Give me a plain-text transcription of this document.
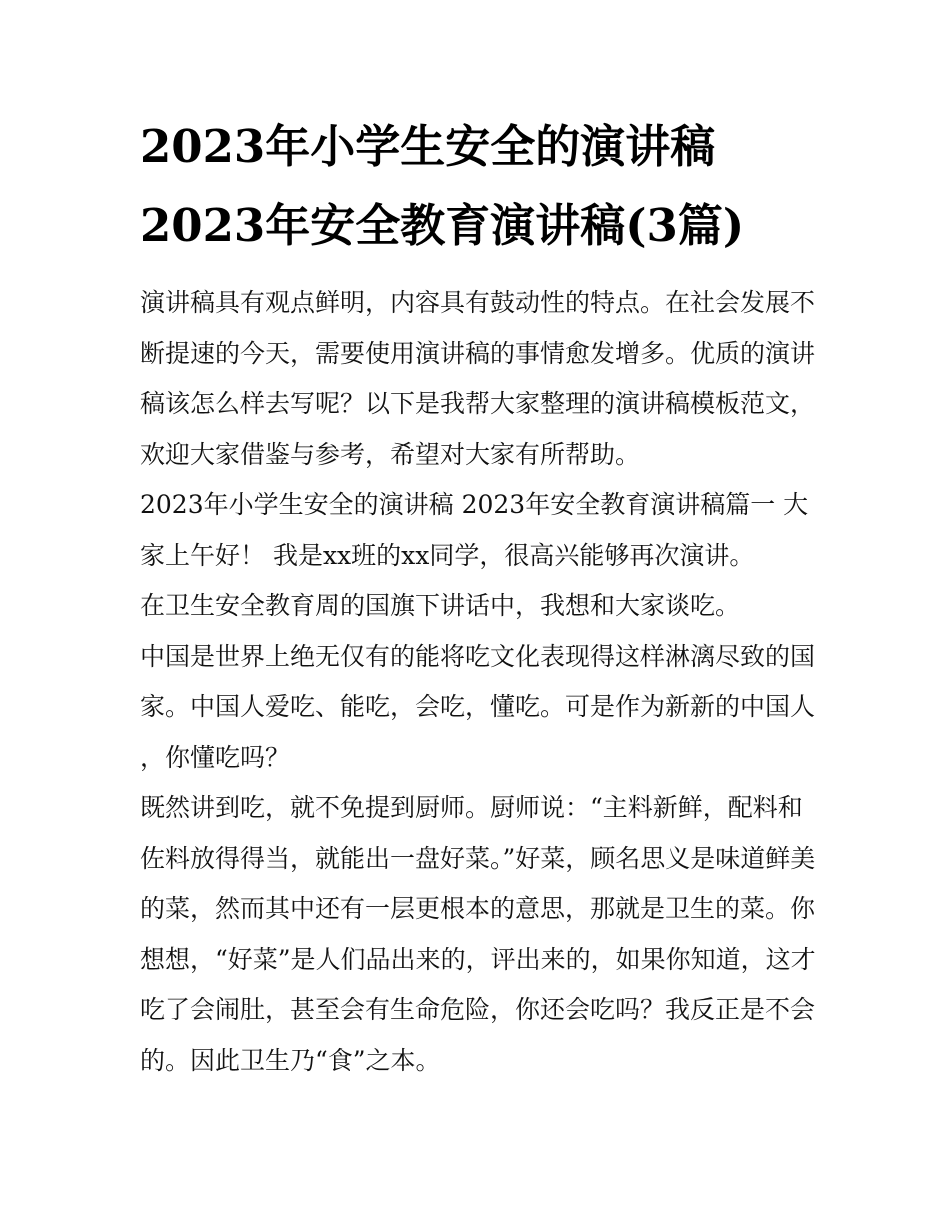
2023年小学生安全的演讲稿
2023年安全教育演讲稿(3篇)

演讲稿具有观点鲜明，内容具有鼓动性的特点。在社会发展不断提速的今天，需要使用演讲稿的事情愈发增多。优质的演讲稿该怎么样去写呢？以下是我帮大家整理的演讲稿模板范文，欢迎大家借鉴与参考，希望对大家有所帮助。

2023年小学生安全的演讲稿 2023年安全教育演讲稿篇一 大家上午好！ 我是xx班的xx同学，很高兴能够再次演讲。

在卫生安全教育周的国旗下讲话中，我想和大家谈吃。

中国是世界上绝无仅有的能将吃文化表现得这样淋漓尽致的国家。中国人爱吃、能吃，会吃，懂吃。可是作为新新的中国人，你懂吃吗？

既然讲到吃，就不免提到厨师。厨师说：“主料新鲜，配料和佐料放得得当，就能出一盘好菜。”好菜，顾名思义是味道鲜美的菜，然而其中还有一层更根本的意思，那就是卫生的菜。你想想，“好菜”是人们品出来的，评出来的，如果你知道，这才吃了会闹肚，甚至会有生命危险，你还会吃吗？我反正是不会的。因此卫生乃“食”之本。
